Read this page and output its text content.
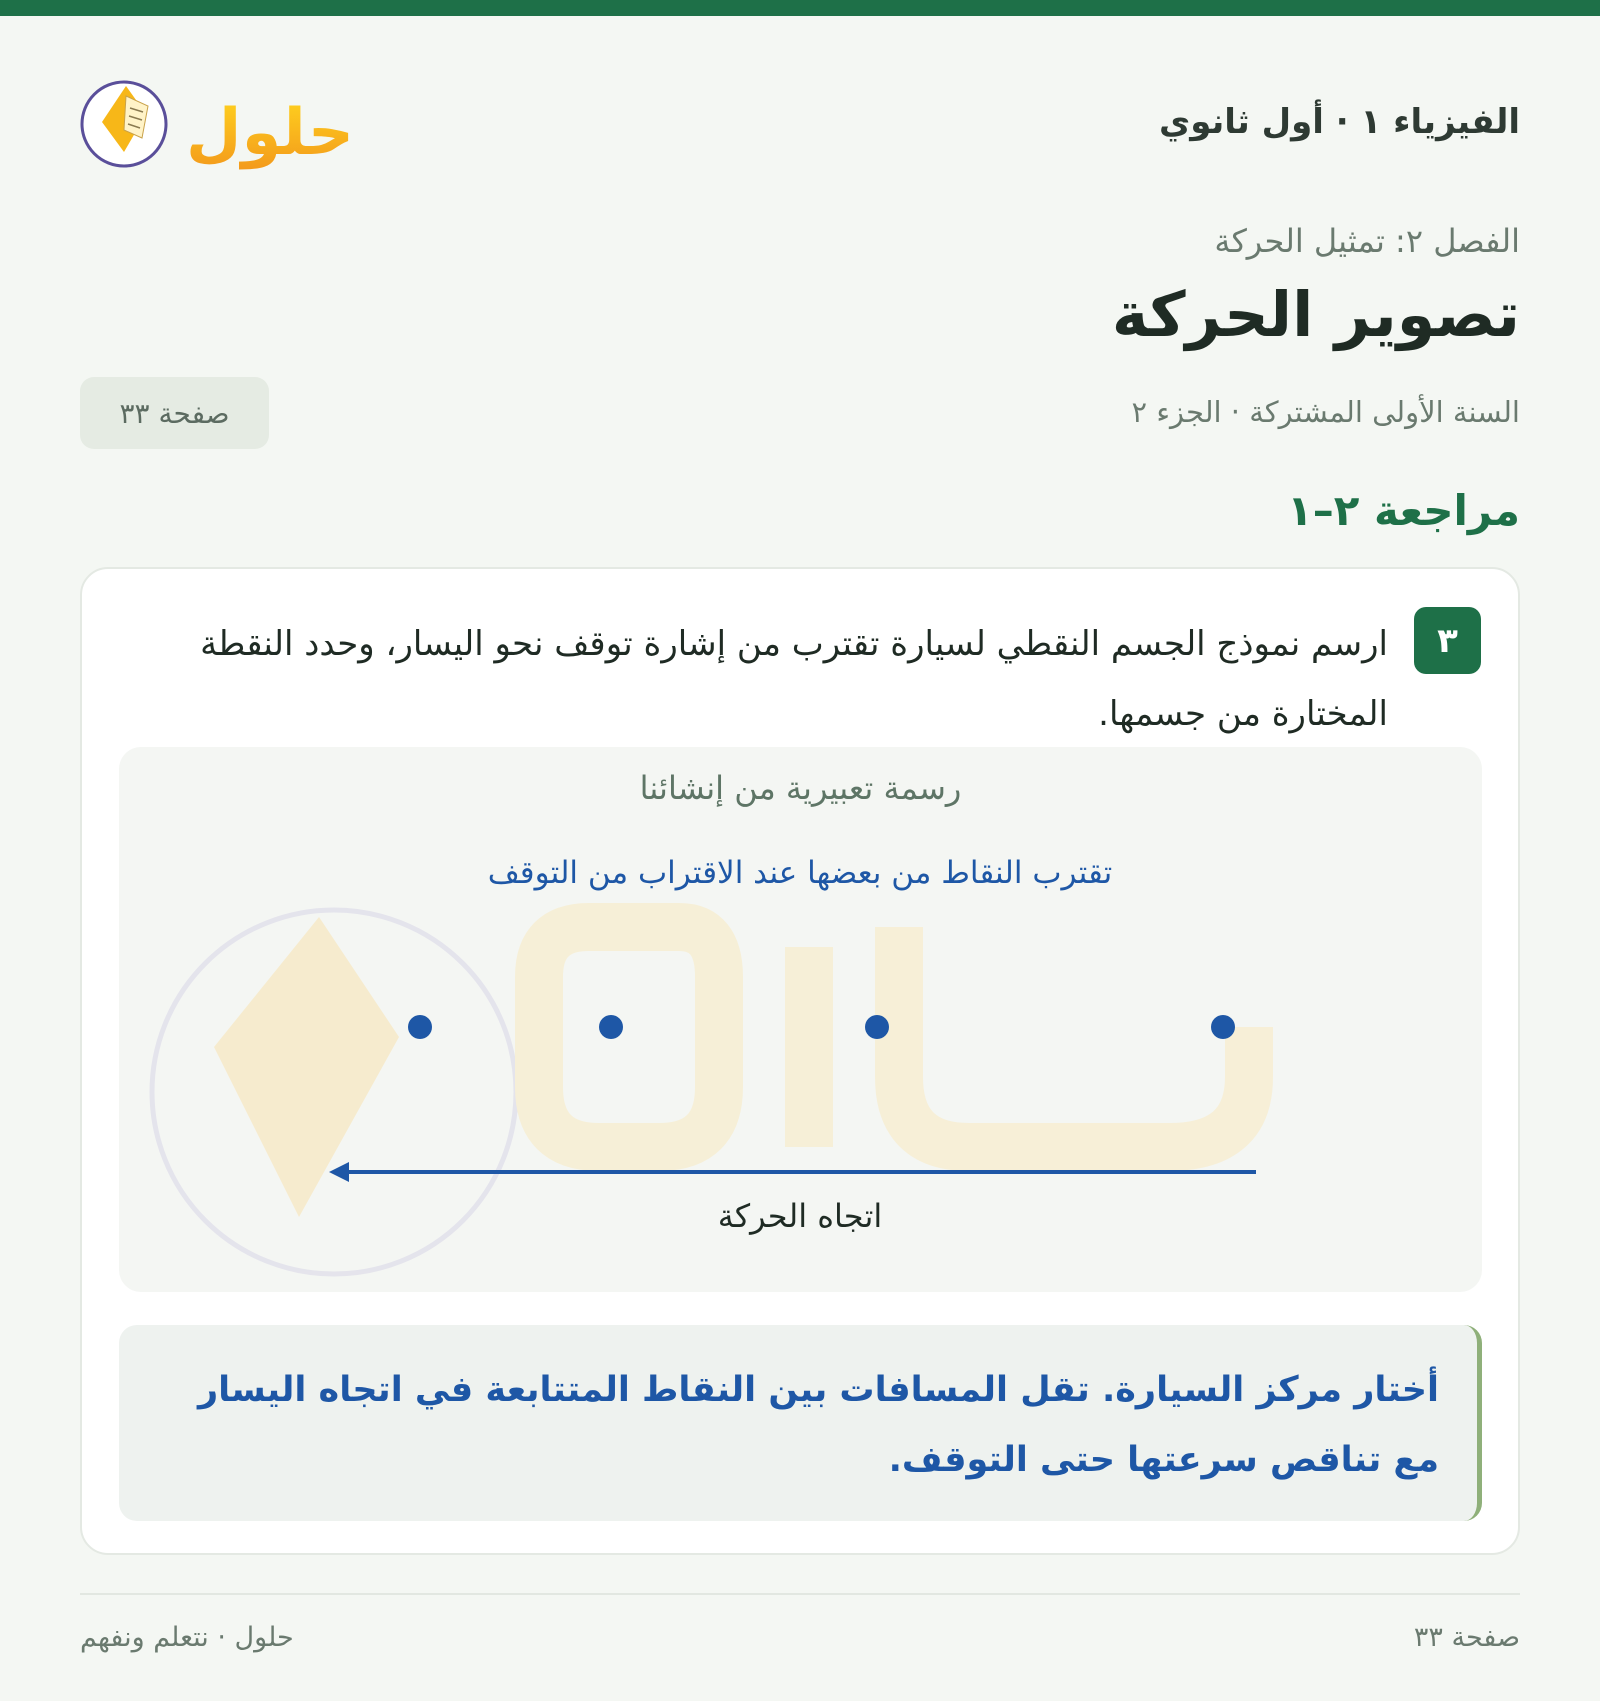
الفيزياء ١ · أول ثانوي
حلول
الفصل ٢: تمثيل الحركة
تصوير الحركة
السنة الأولى المشتركة · الجزء ٢
صفحة ٣٣
مراجعة ٢–١
٣
ارسم نموذج الجسم النقطي لسيارة تقترب من إشارة توقف نحو اليسار، وحدد النقطة المختارة من جسمها.
تقترب النقاط من بعضها عند الاقتراب من التوقف
اتجاه الحركة
رسمة تعبيرية من إنشائنا
أختار مركز السيارة. تقل المسافات بين النقاط المتتابعة في اتجاه اليسار مع تناقص سرعتها حتى التوقف.
صفحة ٣٣
حلول · نتعلم ونفهم
